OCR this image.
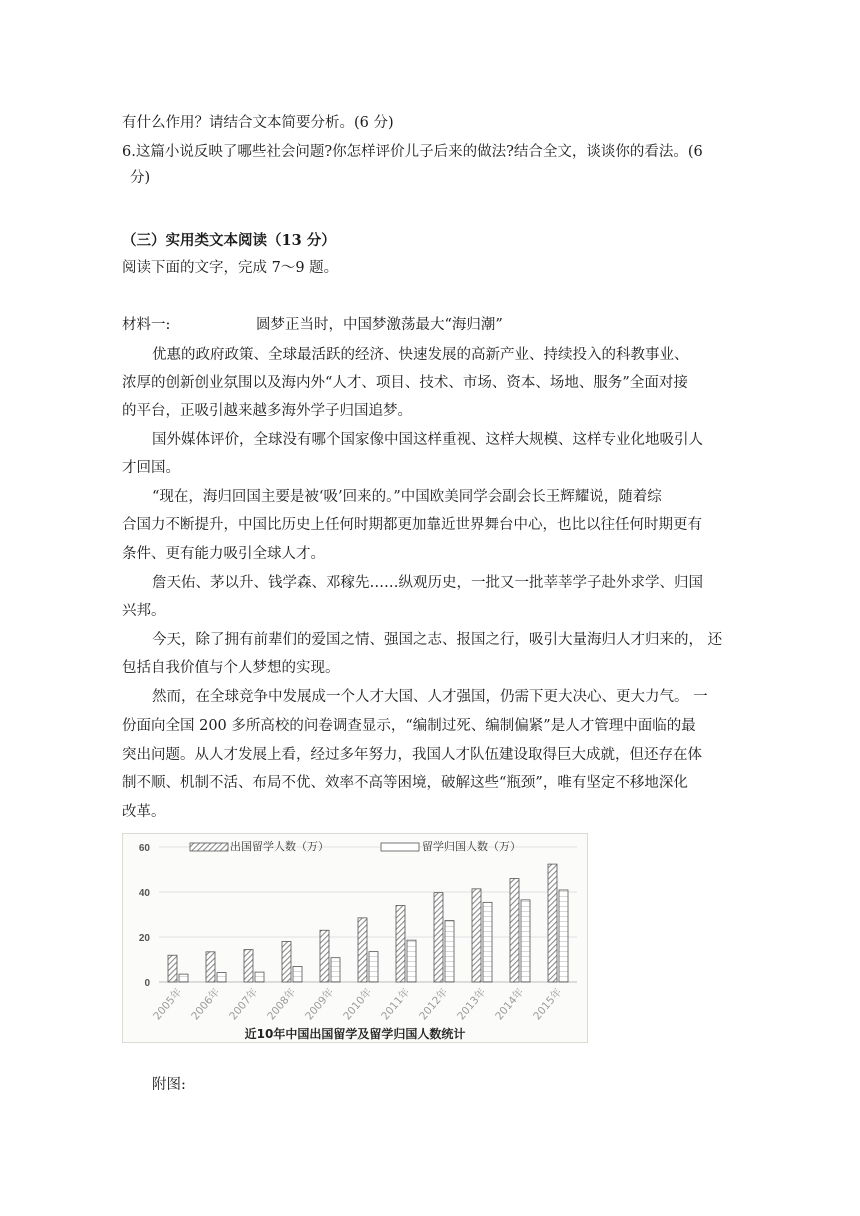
有什么作用？请结合文本简要分析。(6 分)
6.这篇小说反映了哪些社会问题?你怎样评价儿子后来的做法?结合全文，谈谈你的看法。(6
分)
（三）实用类文本阅读（13 分）
阅读下面的文字，完成 7～9 题。
材料一:	圆梦正当时，中国梦激荡最大“海归潮”
优惠的政府政策、全球最活跃的经济、快速发展的高新产业、持续投入的科教事业、
浓厚的创新创业氛围以及海内外“人才、项目、技术、市场、资本、场地、服务”全面对接
的平台，正吸引越来越多海外学子归国追梦。
国外媒体评价，全球没有哪个国家像中国这样重视、这样大规模、这样专业化地吸引人
才回国。
“现在，海归回国主要是被‘吸’回来的。”中国欧美同学会副会长王辉耀说，随着综
合国力不断提升，中国比历史上任何时期都更加靠近世界舞台中心，也比以往任何时期更有
条件、更有能力吸引全球人才。
詹天佑、茅以升、钱学森、邓稼先……纵观历史，一批又一批莘莘学子赴外求学、归国
兴邦。
今天，除了拥有前辈们的爱国之情、强国之志、报国之行，吸引大量海归人才归来的， 还
包括自我价值与个人梦想的实现。
然而，在全球竞争中发展成一个人才大国、人才强国，仍需下更大决心、更大力气。 一
份面向全国 200 多所高校的问卷调查显示，“编制过死、编制偏紧”是人才管理中面临的最
突出问题。从人才发展上看，经过多年努力，我国人才队伍建设取得巨大成就，但还存在体
制不顺、机制不活、布局不优、效率不高等困境，破解这些“瓶颈”，唯有坚定不移地深化
改革。
0
20
40
60	出国留学人数（万）	留学归国人数（万）
2005年 2006年 2007年 2008年 2009年 2010年 2011年 2012年 2013年 2014年 2015年
近10年中国出国留学及留学归国人数统计
附图:
